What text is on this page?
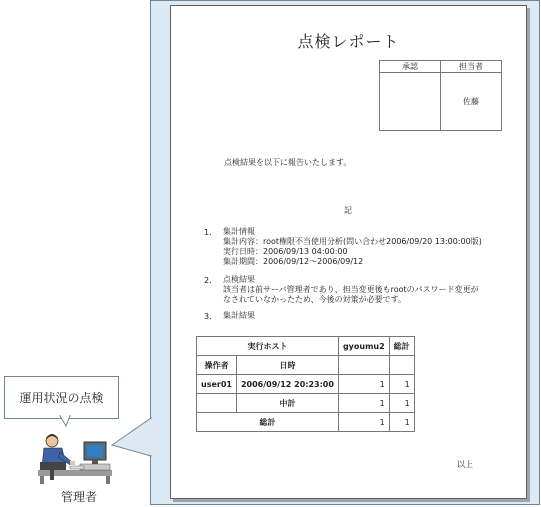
運用状況の点検
管理者
点検レポート
承認	担当者
	佐藤
点検結果を以下に報告いたします。
記
1. 集計情報
集計内容：root権限不当使用分析(問い合わせ2006/09/20 13:00:00版)
実行日時：2006/09/13 04:00:00
集計期間：2006/09/12～2006/09/12
2. 点検結果
該当者は前サーバ管理者であり、担当変更後もrootのパスワード変更が
なされていなかったため、今後の対策が必要です。
3. 集計結果
実行ホスト		gyoumu2	総計
操作者	日時		
user01	2006/09/12 20:23:00	1	1
	中計	1	1
総計		1	1
以上
